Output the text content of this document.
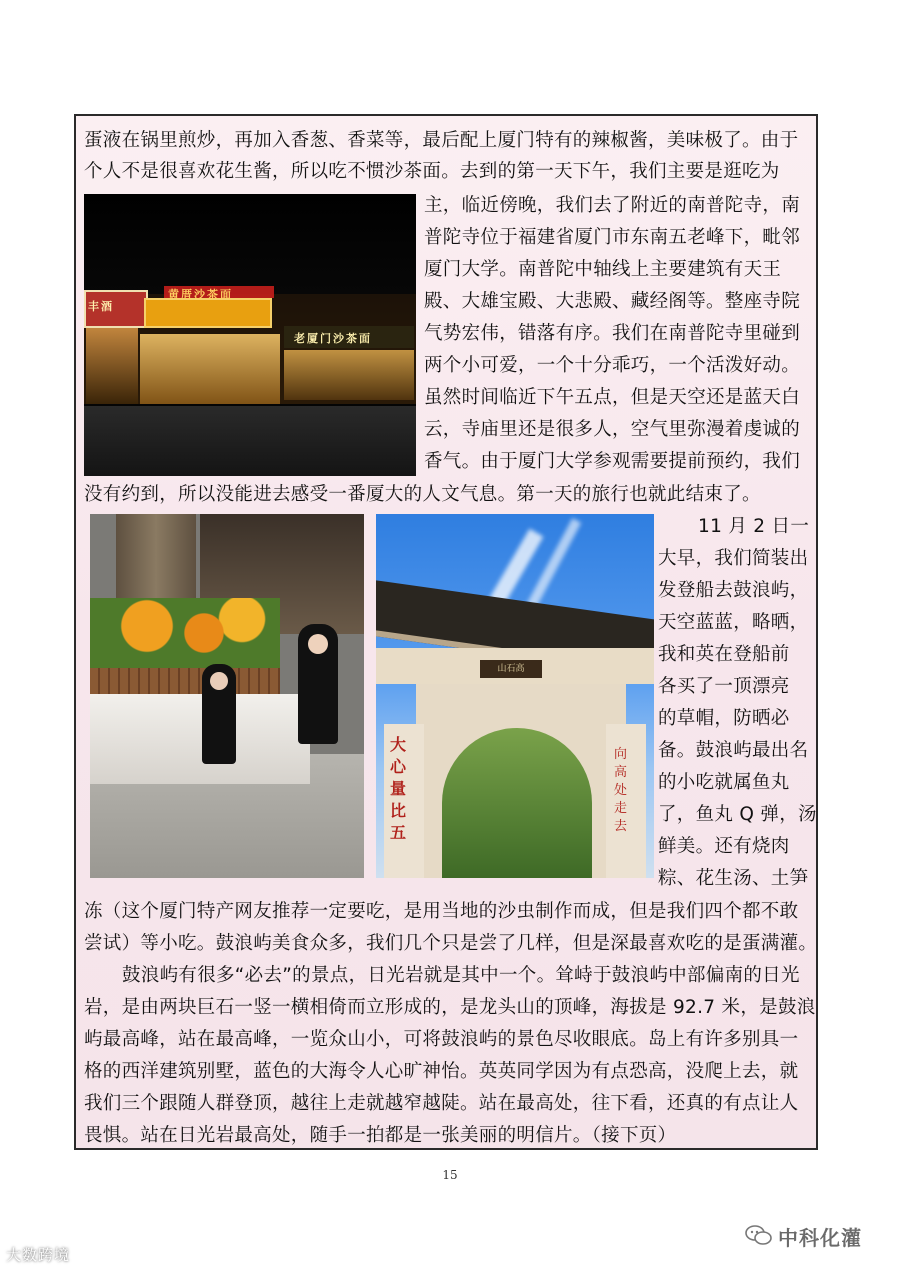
蛋液在锅里煎炒，再加入香葱、香菜等，最后配上厦门特有的辣椒酱，美味极了。由于
个人不是很喜欢花生酱，所以吃不惯沙茶面。去到的第一天下午，我们主要是逛吃为
丰酒
黄厝沙茶面
老厦门沙茶面
主，临近傍晚，我们去了附近的南普陀寺，南
普陀寺位于福建省厦门市东南五老峰下，毗邻
厦门大学。南普陀中轴线上主要建筑有天王
殿、大雄宝殿、大悲殿、藏经阁等。整座寺院
气势宏伟，错落有序。我们在南普陀寺里碰到
两个小可爱，一个十分乖巧，一个活泼好动。
虽然时间临近下午五点，但是天空还是蓝天白
云，寺庙里还是很多人，空气里弥漫着虔诚的
香气。由于厦门大学参观需要提前预约，我们
没有约到，所以没能进去感受一番厦大的人文气息。第一天的旅行也就此结束了。
山石高
大心量比五
向高处走去
11 月 2 日一
大早，我们简装出
发登船去鼓浪屿，
天空蓝蓝，略晒，
我和英在登船前
各买了一顶漂亮
的草帽，防晒必
备。鼓浪屿最出名
的小吃就属鱼丸
了，鱼丸 Q 弹，汤
鲜美。还有烧肉
粽、花生汤、土笋
冻（这个厦门特产网友推荐一定要吃，是用当地的沙虫制作而成，但是我们四个都不敢
尝试）等小吃。鼓浪屿美食众多，我们几个只是尝了几样，但是深最喜欢吃的是蛋满灌。
鼓浪屿有很多“必去”的景点，日光岩就是其中一个。耸峙于鼓浪屿中部偏南的日光
岩，是由两块巨石一竖一横相倚而立形成的，是龙头山的顶峰，海拔是 92.7 米，是鼓浪
屿最高峰，站在最高峰，一览众山小，可将鼓浪屿的景色尽收眼底。岛上有许多别具一
格的西洋建筑别墅，蓝色的大海令人心旷神怡。英英同学因为有点恐高，没爬上去，就
我们三个跟随人群登顶，越往上走就越窄越陡。站在最高处，往下看，还真的有点让人
畏惧。站在日光岩最高处，随手一拍都是一张美丽的明信片。（接下页）
15
大数跨境
中科化灌
